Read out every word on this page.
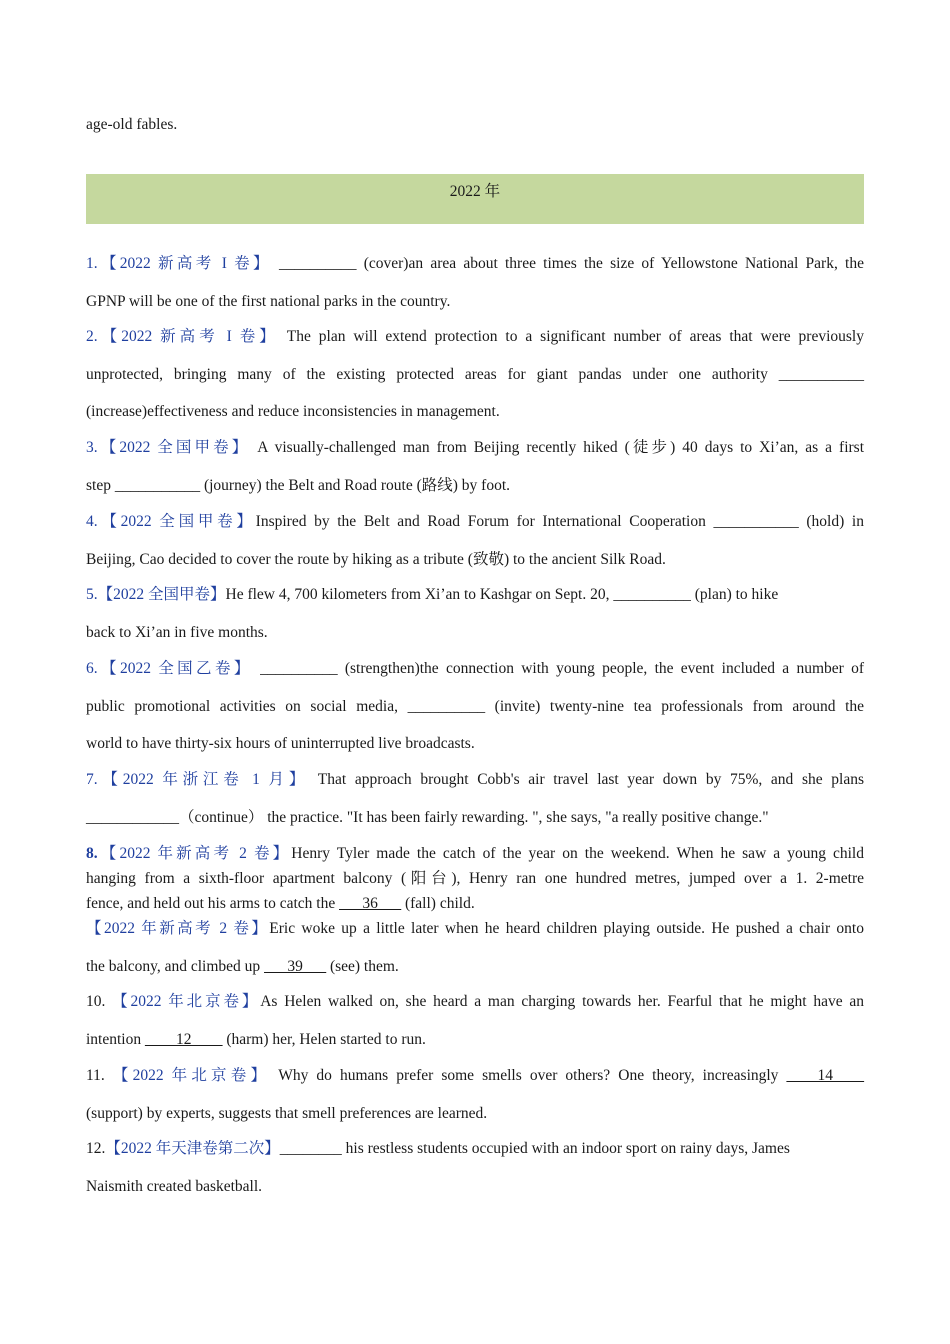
age-old fables.
2022 年
1.【2022 新高考 I 卷】 __________ (cover)an area about three times the size of Yellowstone National Park, the
GPNP will be one of the first national parks in the country.
2.【2022 新高考 I 卷】 The plan will extend protection to a significant number of areas that were previously
unprotected, bringing many of the existing protected areas for giant pandas under one authority ___________
(increase)effectiveness and reduce inconsistencies in management.
3.【2022 全国甲卷】 A visually-challenged man from Beijing recently hiked (徒步) 40 days to Xi’an, as a first
step ___________ (journey) the Belt and Road route (路线) by foot.
4.【2022 全国甲卷】Inspired by the Belt and Road Forum for International Cooperation ___________ (hold) in
Beijing, Cao decided to cover the route by hiking as a tribute (致敬) to the ancient Silk Road.
5.【2022 全国甲卷】He flew 4, 700 kilometers from Xi’an to Kashgar on Sept. 20, __________ (plan) to hike
back to Xi’an in five months.
6.【2022 全国乙卷】 __________ (strengthen)the connection with young people, the event included a number of
public promotional activities on social media, __________ (invite) twenty-nine tea professionals from around the
world to have thirty-six hours of uninterrupted live broadcasts.
7.【2022 年浙江卷 1 月】 That approach brought Cobb's air travel last year down by 75%, and she plans
____________（continue） the practice. "It has been fairly rewarding. ", she says, "a really positive change."
8.【2022 年新高考 2 卷】Henry Tyler made the catch of the year on the weekend. When he saw a young child
hanging from a sixth-floor apartment balcony (阳台), Henry ran one hundred metres, jumped over a 1. 2-metre
fence, and held out his arms to catch the ___36___ (fall) child.
【2022 年新高考 2 卷】Eric woke up a little later when he heard children playing outside. He pushed a chair onto
the balcony, and climbed up ___39___ (see) them.
10. 【2022 年北京卷】As Helen walked on, she heard a man charging towards her. Fearful that he might have an
intention ____12____ (harm) her, Helen started to run.
11. 【2022 年北京卷】 Why do humans prefer some smells over others? One theory, increasingly ____14____
(support) by experts, suggests that smell preferences are learned.
12.【2022 年天津卷第二次】________ his restless students occupied with an indoor sport on rainy days, James
Naismith created basketball.
